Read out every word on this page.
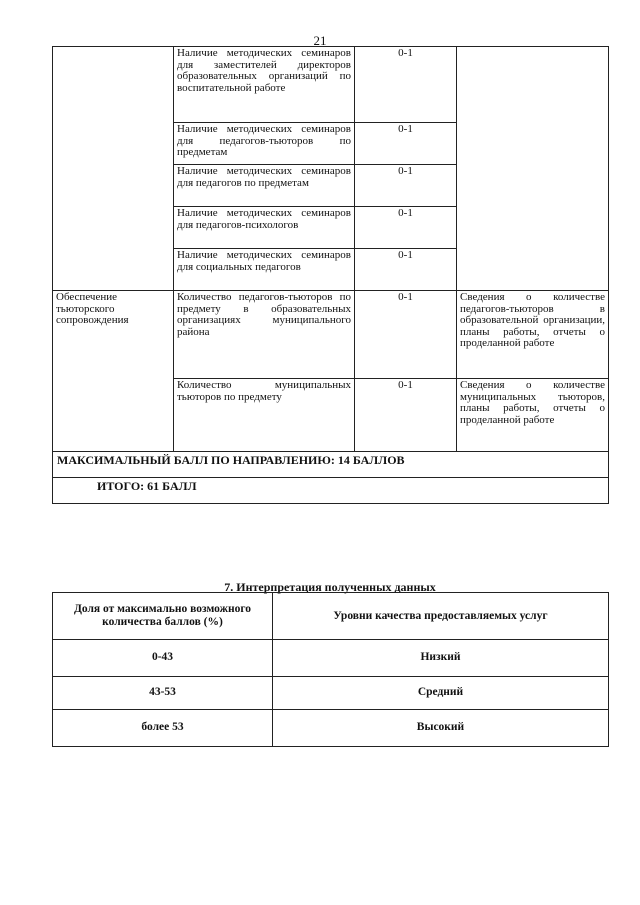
21
	Наличие методических семинаров для заместителей директоров образовательных организаций по воспитательной работе	0-1	
	Наличие методических семинаров для педагогов-тьюторов по предметам	0-1	
	Наличие методических семинаров для педагогов по предметам	0-1	
	Наличие методических семинаров для педагогов-психологов	0-1	
	Наличие методических семинаров для социальных педагогов	0-1	
Обеспечение тьюторского сопровождения	Количество педагогов-тьюторов по предмету в образовательных организациях муниципального района	0-1	Сведения о количестве педагогов-тьюторов в образовательной организации, планы работы, отчеты о проделанной работе
	Количество муниципальных тьюторов по предмету	0-1	Сведения о количестве муниципальных тьюторов, планы работы, отчеты о проделанной работе
МАКСИМАЛЬНЫЙ БАЛЛ ПО НАПРАВЛЕНИЮ: 14 БАЛЛОВ			
ИТОГО: 61 БАЛЛ			
7. Интерпретация полученных данных
Доля от максимально возможного количества баллов (%)	Уровни качества предоставляемых услуг
0-43	Низкий
43-53	Средний
более 53	Высокий
